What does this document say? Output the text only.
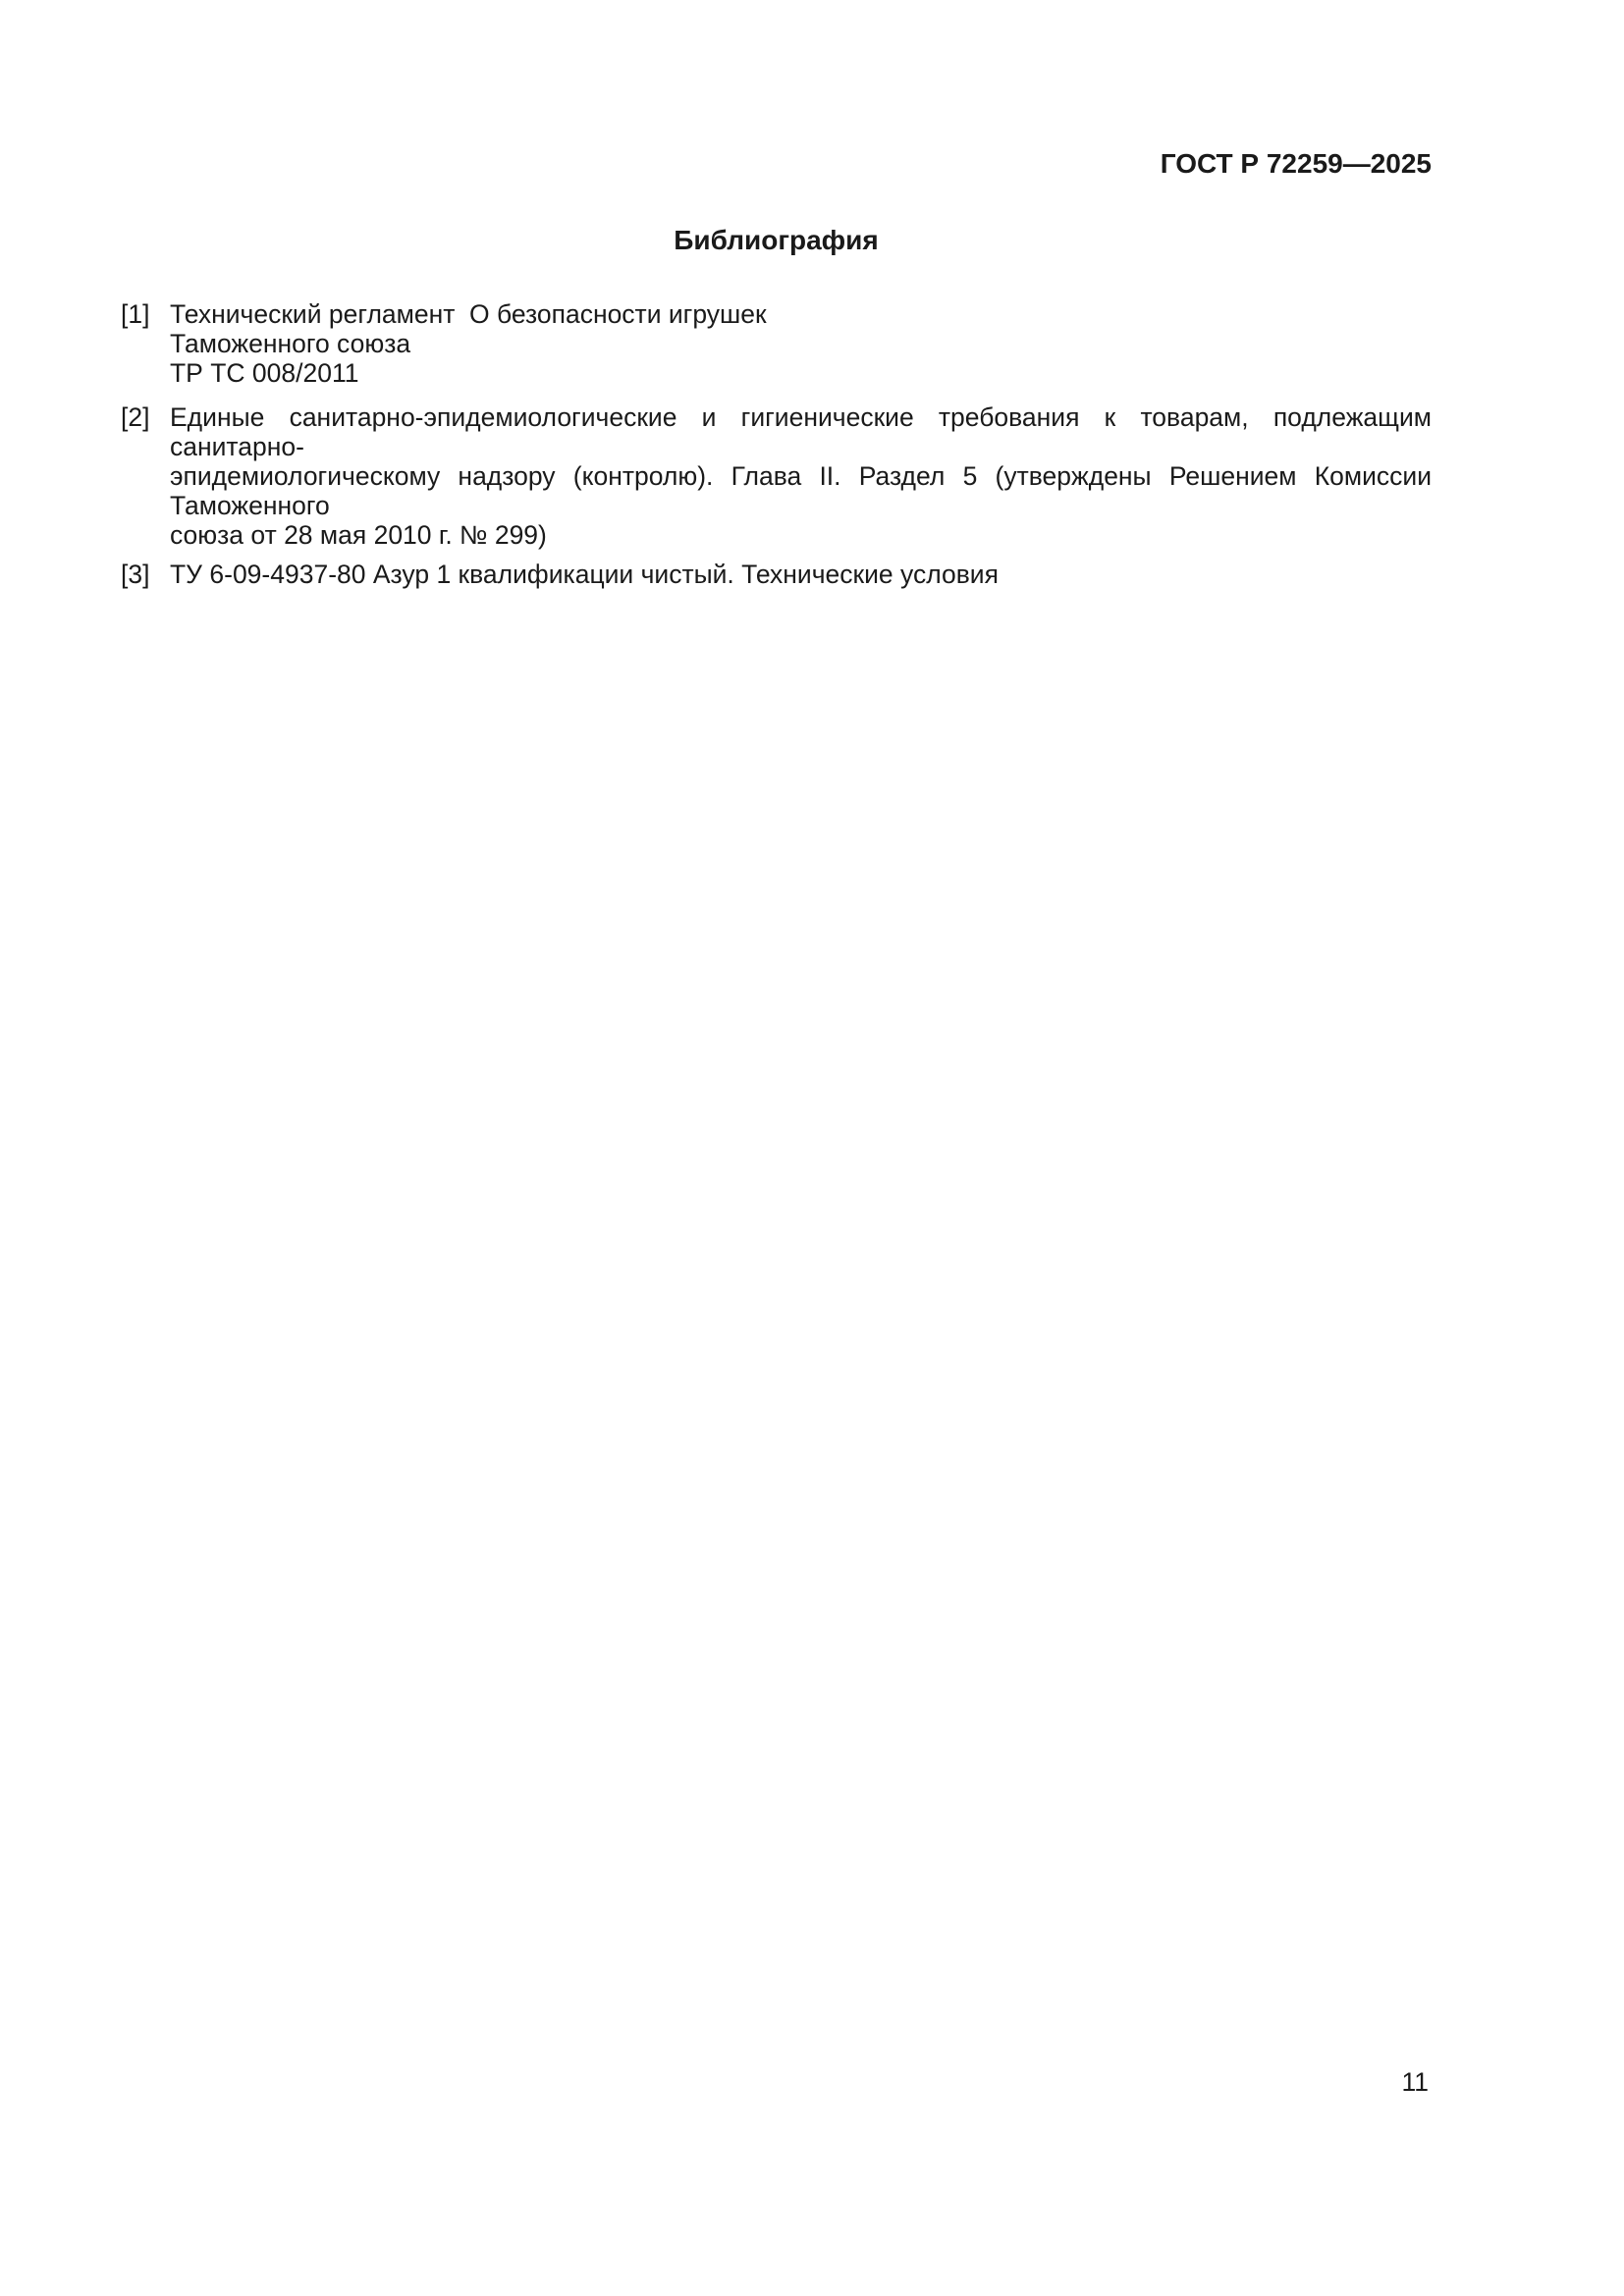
ГОСТ Р 72259—2025
Библиография
[1] Технический регламент
Таможенного союза
ТР ТС 008/2011
О безопасности игрушек
[2] Единые санитарно-эпидемиологические и гигиенические требования к товарам, подлежащим санитарно-
эпидемиологическому надзору (контролю). Глава II. Раздел 5 (утверждены Решением Комиссии Таможенного
союза от 28 мая 2010 г. № 299)
[3] ТУ 6-09-4937-80 Азур 1 квалификации чистый. Технические условия
11
